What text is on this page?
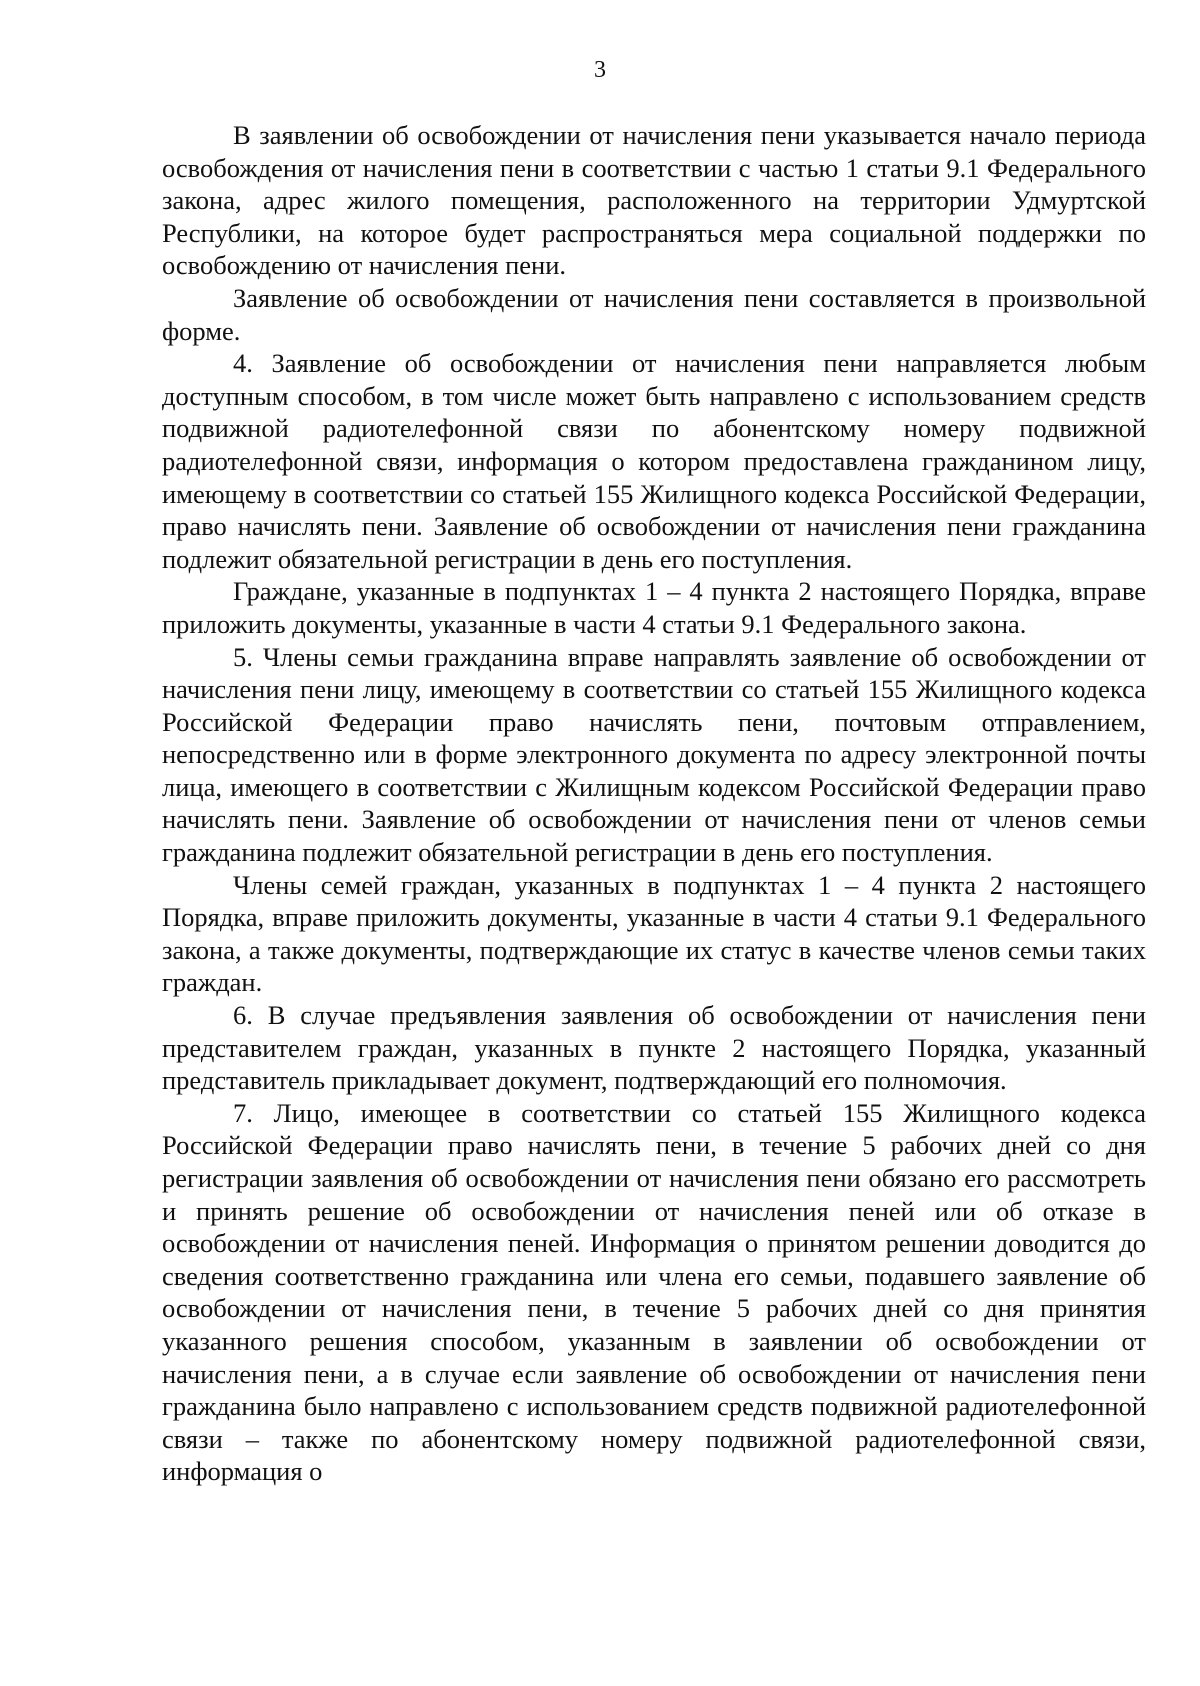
3

В заявлении об освобождении от начисления пени указывается начало периода освобождения от начисления пени в соответствии с частью 1 статьи 9.1 Федерального закона, адрес жилого помещения, расположенного на территории Удмуртской Республики, на которое будет распространяться мера социальной поддержки по освобождению от начисления пени.

Заявление об освобождении от начисления пени составляется в произвольной форме.

4. Заявление об освобождении от начисления пени направляется любым доступным способом, в том числе может быть направлено с использованием средств подвижной радиотелефонной связи по абонентскому номеру подвижной радиотелефонной связи, информация о котором предоставлена гражданином лицу, имеющему в соответствии со статьей 155 Жилищного кодекса Российской Федерации, право начислять пени. Заявление об освобождении от начисления пени гражданина подлежит обязательной регистрации в день его поступления.

Граждане, указанные в подпунктах 1 – 4 пункта 2 настоящего Порядка, вправе приложить документы, указанные в части 4 статьи 9.1 Федерального закона.

5. Члены семьи гражданина вправе направлять заявление об освобождении от начисления пени лицу, имеющему в соответствии со статьей 155 Жилищного кодекса Российской Федерации право начислять пени, почтовым отправлением, непосредственно или в форме электронного документа по адресу электронной почты лица, имеющего в соответствии с Жилищным кодексом Российской Федерации право начислять пени. Заявление об освобождении от начисления пени от членов семьи гражданина подлежит обязательной регистрации в день его поступления.

Члены семей граждан, указанных в подпунктах 1 – 4 пункта 2 настоящего Порядка, вправе приложить документы, указанные в части 4 статьи 9.1 Федерального закона, а также документы, подтверждающие их статус в качестве членов семьи таких граждан.

6. В случае предъявления заявления об освобождении от начисления пени представителем граждан, указанных в пункте 2 настоящего Порядка, указанный представитель прикладывает документ, подтверждающий его полномочия.

7. Лицо, имеющее в соответствии со статьей 155 Жилищного кодекса Российской Федерации право начислять пени, в течение 5 рабочих дней со дня регистрации заявления об освобождении от начисления пени обязано его рассмотреть и принять решение об освобождении от начисления пеней или об отказе в освобождении от начисления пеней. Информация о принятом решении доводится до сведения соответственно гражданина или члена его семьи, подавшего заявление об освобождении от начисления пени, в течение 5 рабочих дней со дня принятия указанного решения способом, указанным в заявлении об освобождении от начисления пени, а в случае если заявление об освобождении от начисления пени гражданина было направлено с использованием средств подвижной радиотелефонной связи – также по абонентскому номеру подвижной радиотелефонной связи, информация о
